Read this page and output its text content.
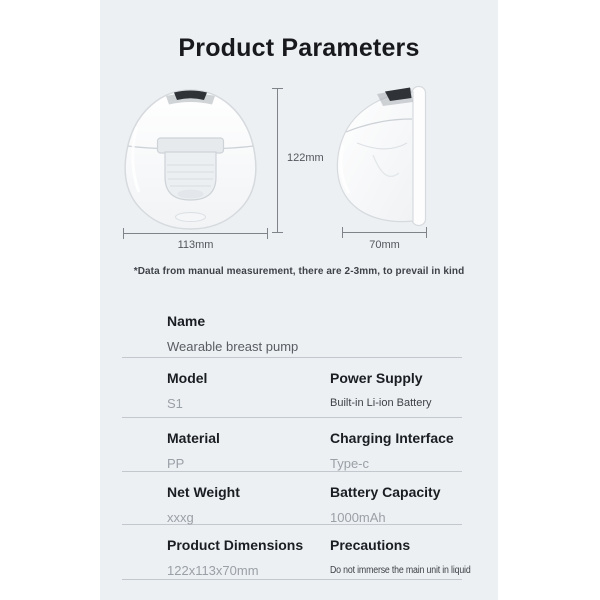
Product Parameters
122mm
113mm	70mm
*Data from manual measurement, there are 2-3mm, to prevail in kind
Name
Wearable breast pump
Model
S1
Power Supply
Built-in Li-ion Battery
Material
PP
Charging Interface
Type-c
Net Weight
xxxg
Battery Capacity
1000mAh
Product Dimensions
122x113x70mm
Precautions
Do not immerse the main unit in liquid
